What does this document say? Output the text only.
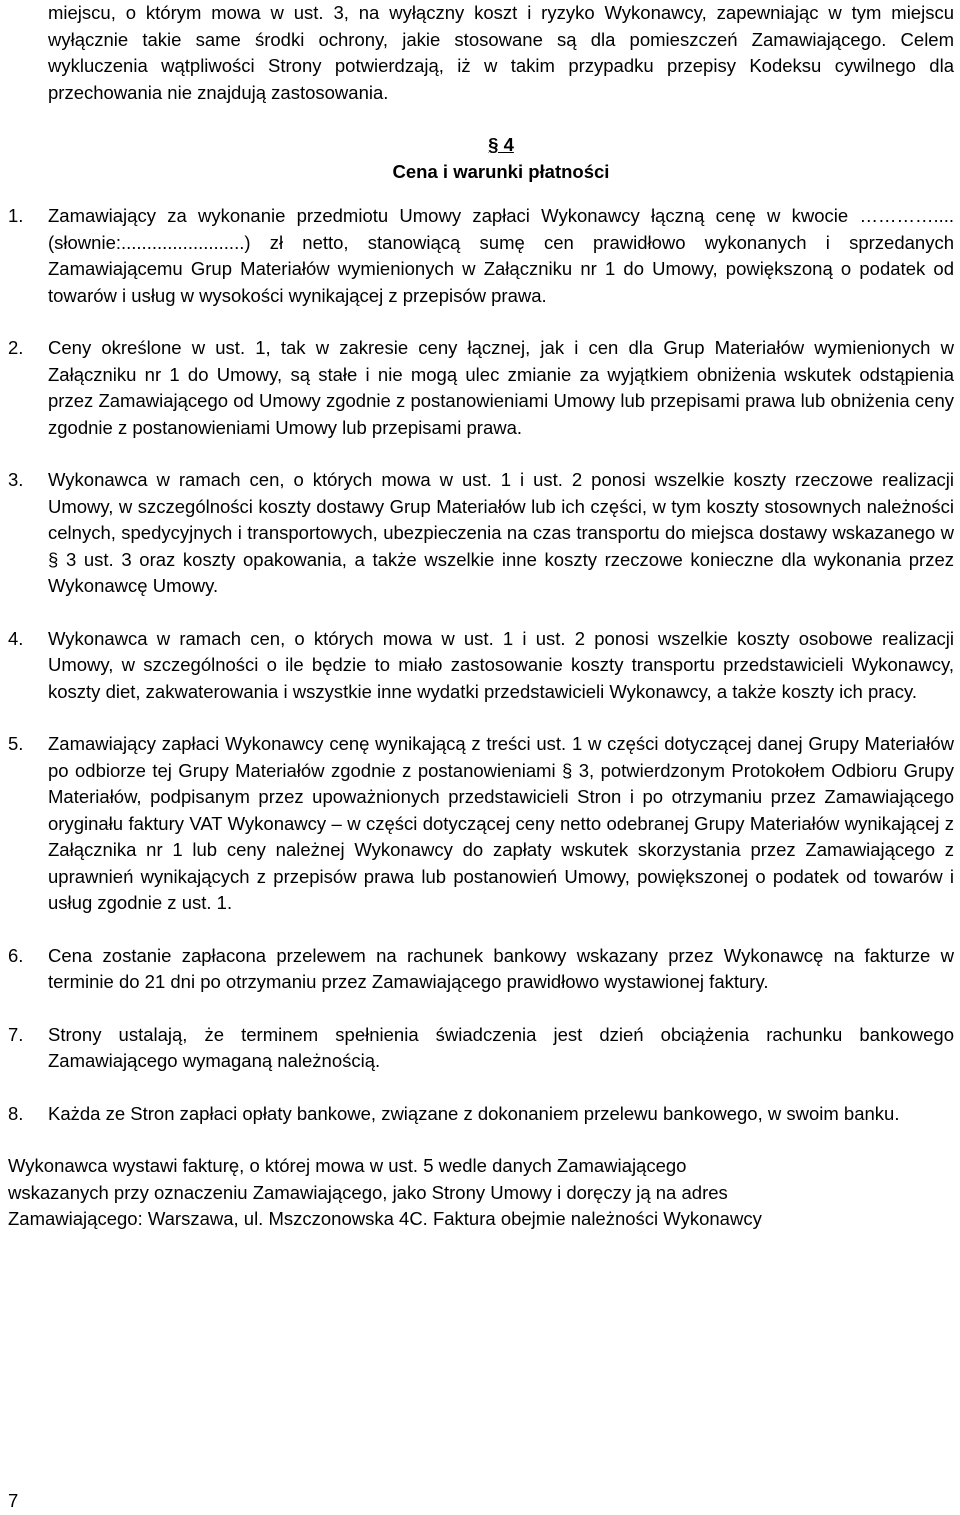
miejscu, o którym mowa w ust. 3, na wyłączny koszt i ryzyko Wykonawcy, zapewniając w tym miejscu wyłącznie takie same środki ochrony, jakie stosowane są dla pomieszczeń Zamawiającego. Celem wykluczenia wątpliwości Strony potwierdzają, iż w takim przypadku przepisy Kodeksu cywilnego dla przechowania nie znajdują zastosowania.

§ 4
Cena i warunki płatności
1. Zamawiający za wykonanie przedmiotu Umowy zapłaci Wykonawcy łączną cenę w kwocie ………….... (słownie:........................) zł netto, stanowiącą sumę cen prawidłowo wykonanych i sprzedanych Zamawiającemu Grup Materiałów wymienionych w Załączniku nr 1 do Umowy, powiększoną o podatek od towarów i usług w wysokości wynikającej z przepisów prawa.
2. Ceny określone w ust. 1, tak w zakresie ceny łącznej, jak i cen dla Grup Materiałów wymienionych w Załączniku nr 1 do Umowy, są stałe i nie mogą ulec zmianie za wyjątkiem obniżenia wskutek odstąpienia przez Zamawiającego od Umowy zgodnie z postanowieniami Umowy lub przepisami prawa lub obniżenia ceny zgodnie z postanowieniami Umowy lub przepisami prawa.
3. Wykonawca w ramach cen, o których mowa w ust. 1 i ust. 2 ponosi wszelkie koszty rzeczowe realizacji Umowy, w szczególności koszty dostawy Grup Materiałów lub ich części, w tym koszty stosownych należności celnych, spedycyjnych i transportowych, ubezpieczenia na czas transportu do miejsca dostawy wskazanego w § 3 ust. 3 oraz koszty opakowania, a także wszelkie inne koszty rzeczowe konieczne dla wykonania przez Wykonawcę Umowy.
4. Wykonawca w ramach cen, o których mowa w ust. 1 i ust. 2 ponosi wszelkie koszty osobowe realizacji Umowy, w szczególności o ile będzie to miało zastosowanie koszty transportu przedstawicieli Wykonawcy, koszty diet, zakwaterowania i wszystkie inne wydatki przedstawicieli Wykonawcy, a także koszty ich pracy.
5. Zamawiający zapłaci Wykonawcy cenę wynikającą z treści ust. 1 w części dotyczącej danej Grupy Materiałów po odbiorze tej Grupy Materiałów zgodnie z postanowieniami § 3, potwierdzonym Protokołem Odbioru Grupy Materiałów, podpisanym przez upoważnionych przedstawicieli Stron i po otrzymaniu przez Zamawiającego oryginału faktury VAT Wykonawcy – w części dotyczącej ceny netto odebranej Grupy Materiałów wynikającej z Załącznika nr 1 lub ceny należnej Wykonawcy do zapłaty wskutek skorzystania przez Zamawiającego z uprawnień wynikających z przepisów prawa lub postanowień Umowy, powiększonej o podatek od towarów i usług zgodnie z ust. 1.
6. Cena zostanie zapłacona przelewem na rachunek bankowy wskazany przez Wykonawcę na fakturze w terminie do 21 dni po otrzymaniu przez Zamawiającego prawidłowo wystawionej faktury.
7. Strony ustalają, że terminem spełnienia świadczenia jest dzień obciążenia rachunku bankowego Zamawiającego wymaganą należnością.
8. Każda ze Stron zapłaci opłaty bankowe, związane z dokonaniem przelewu bankowego, w swoim banku.

Wykonawca wystawi fakturę, o której mowa w ust. 5 wedle danych Zamawiającego
wskazanych przy oznaczeniu Zamawiającego, jako Strony Umowy i doręczy ją na adres
Zamawiającego: Warszawa, ul. Mszczonowska 4C. Faktura obejmie należności Wykonawcy

7
